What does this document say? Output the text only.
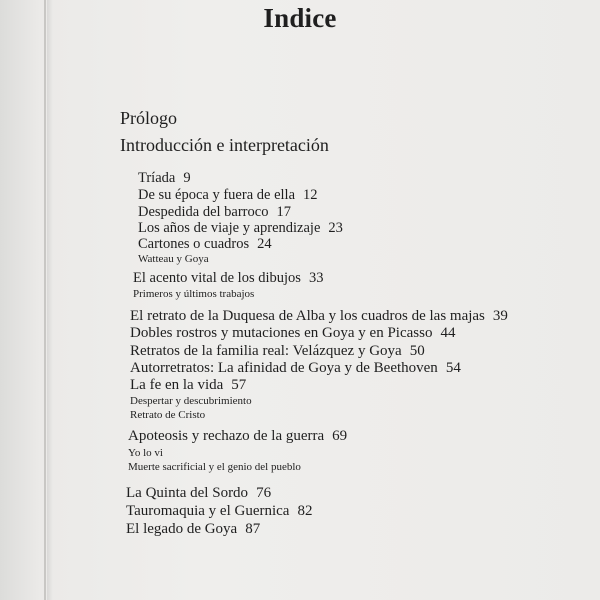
Indice
Prólogo
Introducción e interpretación
Tríada 9
De su época y fuera de ella 12
Despedida del barroco 17
Los años de viaje y aprendizaje 23
Cartones o cuadros 24
Watteau y Goya
El acento vital de los dibujos 33
Primeros y últimos trabajos
El retrato de la Duquesa de Alba y los cuadros de las majas 39
Dobles rostros y mutaciones en Goya y en Picasso 44
Retratos de la familia real: Velázquez y Goya 50
Autorretratos: La afinidad de Goya y de Beethoven 54
La fe en la vida 57
Despertar y descubrimiento
Retrato de Cristo
Apoteosis y rechazo de la guerra 69
Yo lo vi
Muerte sacrificial y el genio del pueblo
La Quinta del Sordo 76
Tauromaquia y el Guernica 82
El legado de Goya 87
